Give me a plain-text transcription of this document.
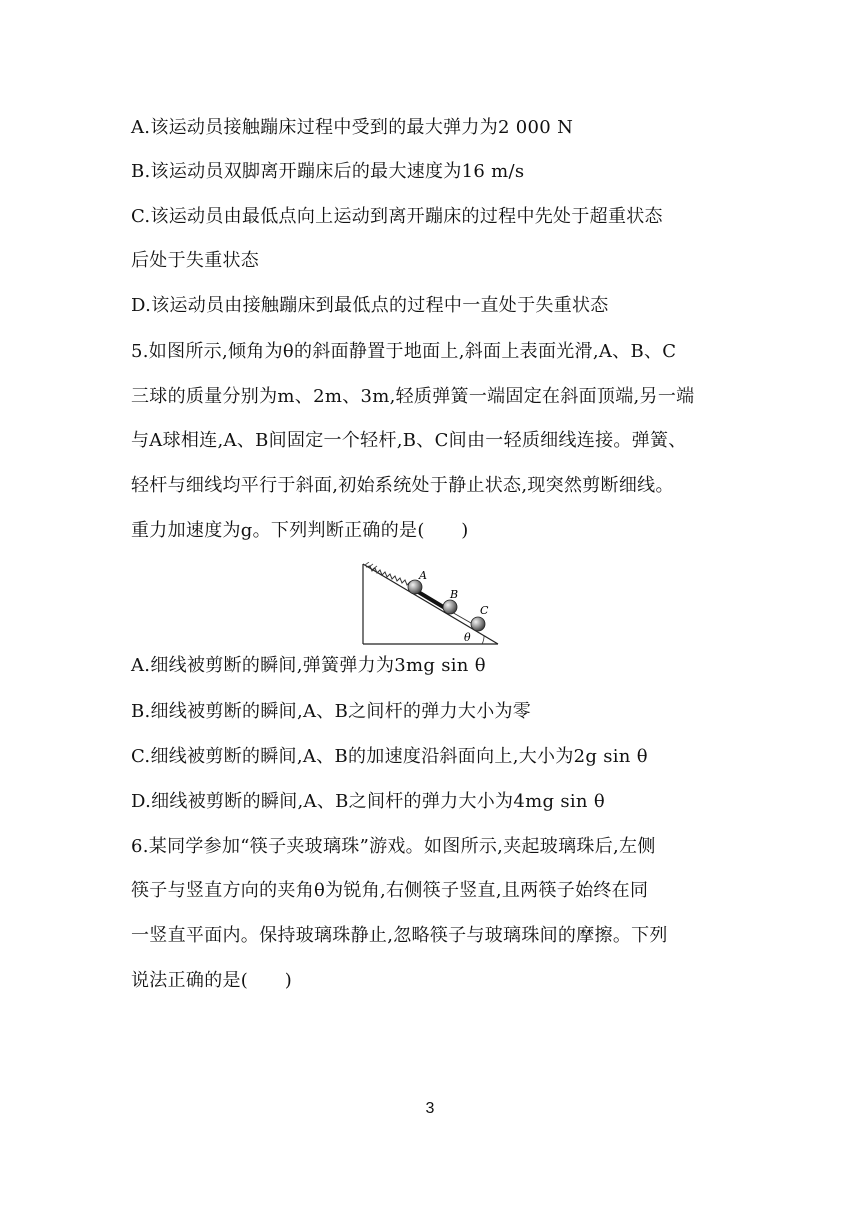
A.该运动员接触蹦床过程中受到的最大弹力为2 000 N
B.该运动员双脚离开蹦床后的最大速度为16 m/s
C.该运动员由最低点向上运动到离开蹦床的过程中先处于超重状态
后处于失重状态
D.该运动员由接触蹦床到最低点的过程中一直处于失重状态
5.如图所示,倾角为θ的斜面静置于地面上,斜面上表面光滑,A、B、C
三球的质量分别为m、2m、3m,轻质弹簧一端固定在斜面顶端,另一端
与A球相连,A、B间固定一个轻杆,B、C间由一轻质细线连接。弹簧、
轻杆与细线均平行于斜面,初始系统处于静止状态,现突然剪断细线。
重力加速度为g。下列判断正确的是(　　)
A
B
C
θ
A.细线被剪断的瞬间,弹簧弹力为3mg sin θ
B.细线被剪断的瞬间,A、B之间杆的弹力大小为零
C.细线被剪断的瞬间,A、B的加速度沿斜面向上,大小为2g sin θ
D.细线被剪断的瞬间,A、B之间杆的弹力大小为4mg sin θ
6.某同学参加“筷子夹玻璃珠”游戏。如图所示,夹起玻璃珠后,左侧
筷子与竖直方向的夹角θ为锐角,右侧筷子竖直,且两筷子始终在同
一竖直平面内。保持玻璃珠静止,忽略筷子与玻璃珠间的摩擦。下列
说法正确的是(　　)
3
